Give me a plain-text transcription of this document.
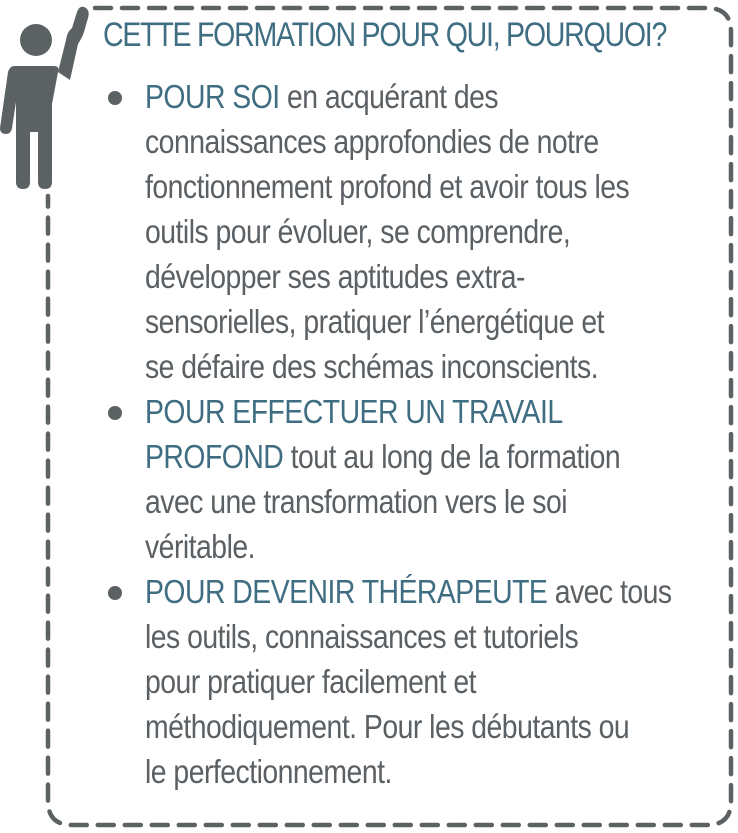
CETTE FORMATION POUR QUI, POURQUOI?
POUR SOI en acquérant des
connaissances approfondies de notre
fonctionnement profond et avoir tous les
outils pour évoluer, se comprendre,
développer ses aptitudes extra-
sensorielles, pratiquer l’énergétique et
se défaire des schémas inconscients.
POUR EFFECTUER UN TRAVAIL
PROFOND tout au long de la formation
avec une transformation vers le soi
véritable.
POUR DEVENIR THÉRAPEUTE avec tous
les outils, connaissances et tutoriels
pour pratiquer facilement et
méthodiquement. Pour les débutants ou
le perfectionnement.
